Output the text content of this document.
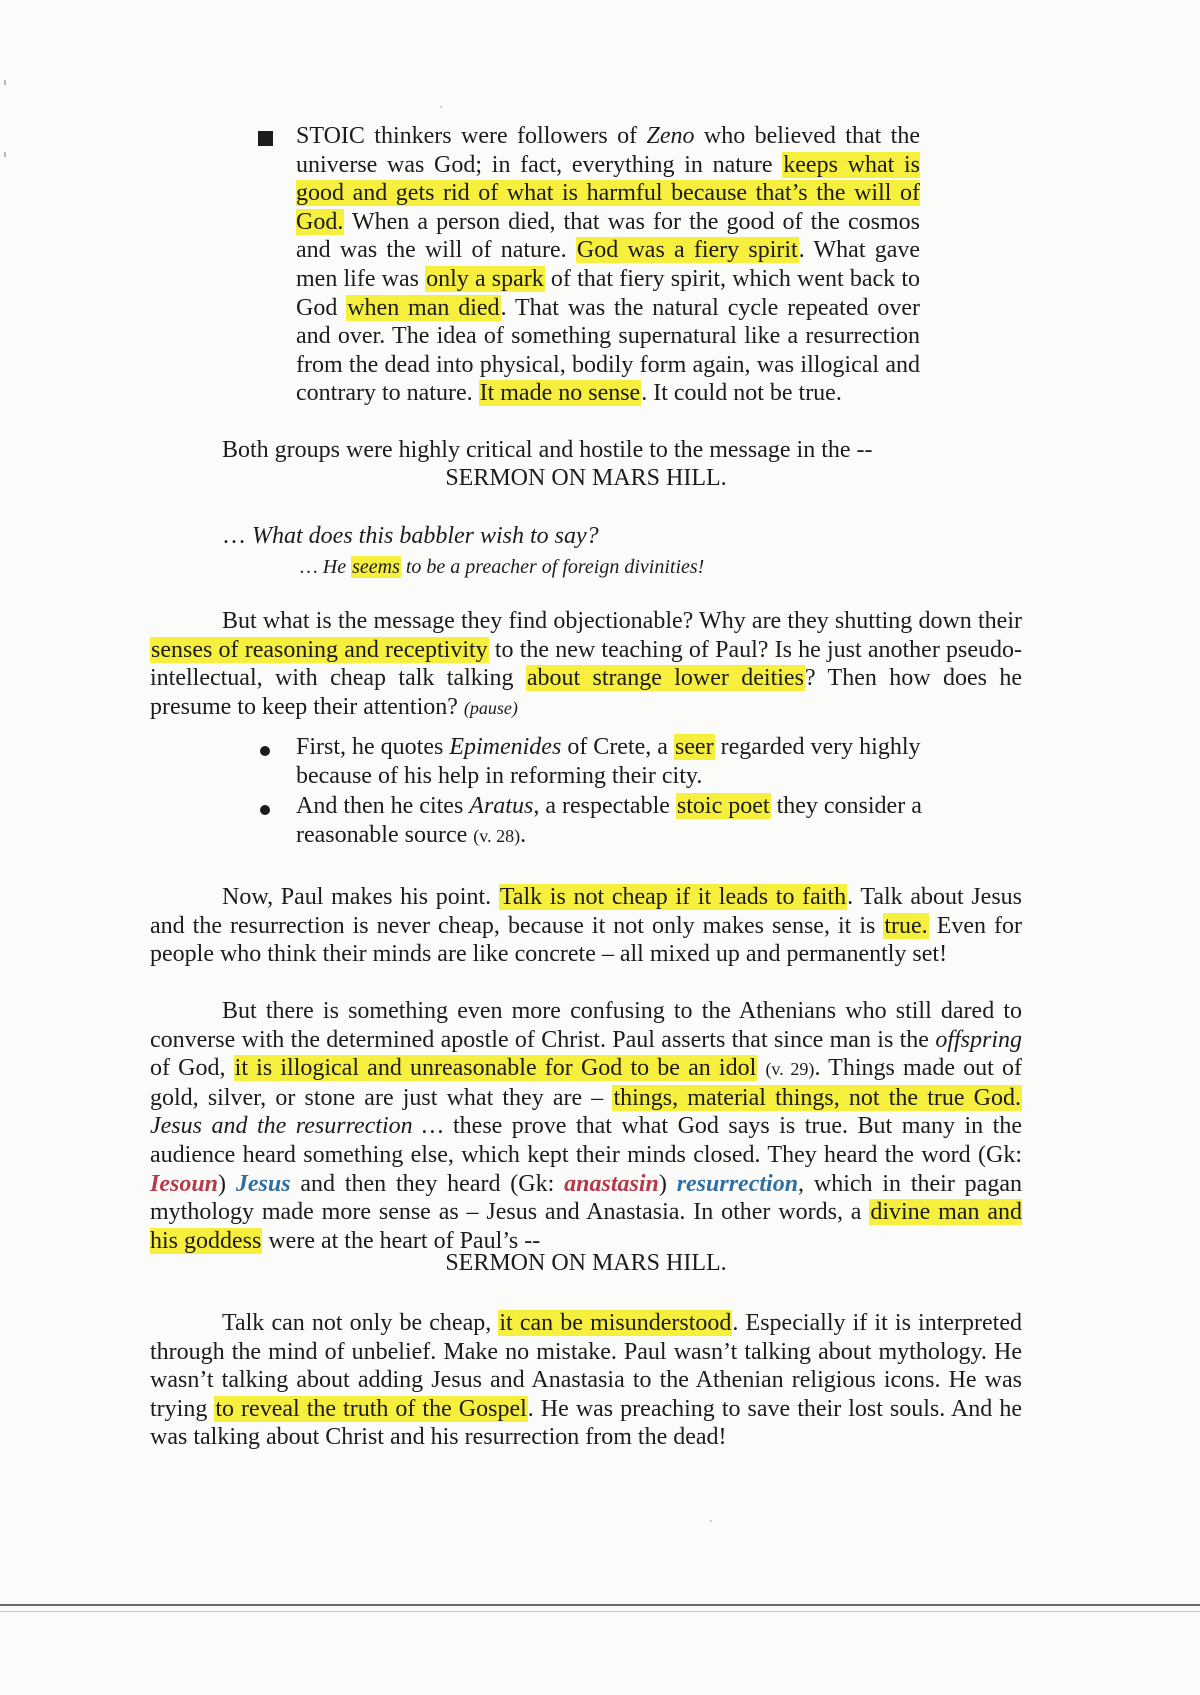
STOIC thinkers were followers of Zeno who believed that the universe was God; in fact, everything in nature keeps what is good and gets rid of what is harmful because that’s the will of God. When a person died, that was for the good of the cosmos and was the will of nature. God was a fiery spirit. What gave men life was only a spark of that fiery spirit, which went back to God when man died. That was the natural cycle repeated over and over. The idea of something supernatural like a resurrection from the dead into physical, bodily form again, was illogical and contrary to nature. It made no sense. It could not be true.
Both groups were highly critical and hostile to the message in the --
SERMON ON MARS HILL.
… What does this babbler wish to say?
… He seems to be a preacher of foreign divinities!
But what is the message they find objectionable? Why are they shutting down their senses of reasoning and receptivity to the new teaching of Paul? Is he just another pseudo-intellectual, with cheap talk talking about strange lower deities? Then how does he presume to keep their attention? (pause)
First, he quotes Epimenides of Crete, a seer regarded very highly because of his help in reforming their city.
And then he cites Aratus, a respectable stoic poet they consider a reasonable source (v. 28).
Now, Paul makes his point. Talk is not cheap if it leads to faith. Talk about Jesus and the resurrection is never cheap, because it not only makes sense, it is true. Even for people who think their minds are like concrete – all mixed up and permanently set!
But there is something even more confusing to the Athenians who still dared to converse with the determined apostle of Christ. Paul asserts that since man is the offspring of God, it is illogical and unreasonable for God to be an idol (v. 29). Things made out of gold, silver, or stone are just what they are – things, material things, not the true God. Jesus and the resurrection … these prove that what God says is true. But many in the audience heard something else, which kept their minds closed. They heard the word (Gk: Iesoun) Jesus and then they heard (Gk: anastasin) resurrection, which in their pagan mythology made more sense as – Jesus and Anastasia. In other words, a divine man and his goddess were at the heart of Paul’s --
SERMON ON MARS HILL.
Talk can not only be cheap, it can be misunderstood. Especially if it is interpreted through the mind of unbelief. Make no mistake. Paul wasn’t talking about mythology. He wasn’t talking about adding Jesus and Anastasia to the Athenian religious icons. He was trying to reveal the truth of the Gospel. He was preaching to save their lost souls. And he was talking about Christ and his resurrection from the dead!
